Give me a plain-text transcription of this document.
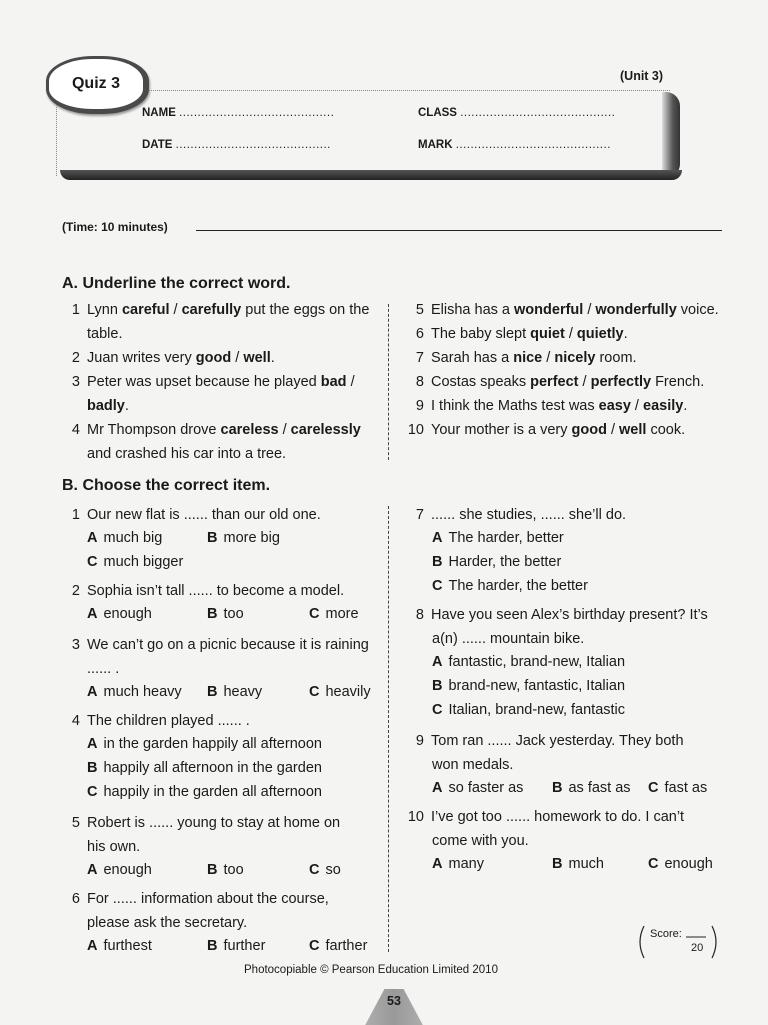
Quiz 3	(Unit 3)
NAME ..........................................	CLASS ..........................................
DATE ..........................................	MARK ..........................................
(Time: 10 minutes)
A. Underline the correct word.
B. Choose the correct item.
Score:
20
Photocopiable © Pearson Education Limited 2010
53
1 Lynn careful / carefully put the eggs on the
table.
2 Juan writes very good / well.
3 Peter was upset because he played bad /
badly.
4 Mr Thompson drove careless / carelessly
and crashed his car into a tree.
5 Elisha has a wonderful / wonderfully voice.
6 The baby slept quiet / quietly.
7 Sarah has a nice / nicely room.
8 Costas speaks perfect / perfectly French.
9 I think the Maths test was easy / easily.
10 Your mother is a very good / well cook.
1 Our new flat is ...... than our old one.
A much big	B more big
C much bigger
2 Sophia isn’t tall ...... to become a model.
A enough	B too	C more
3 We can’t go on a picnic because it is raining
...... .
A much heavy B heavy	C heavily
4 The children played ...... .
A in the garden happily all afternoon
B happily all afternoon in the garden
C happily in the garden all afternoon
5 Robert is ...... young to stay at home on
his own.
A enough	B too	C so
6 For ...... information about the course,
please ask the secretary.
A furthest	B further	C farther
7 ...... she studies, ...... she’ll do.
A The harder, better
B Harder, the better
C The harder, the better
8 Have you seen Alex’s birthday present? It’s
a(n) ...... mountain bike.
A fantastic, brand-new, Italian
B brand-new, fantastic, Italian
C Italian, brand-new, fantastic
9 Tom ran ...... Jack yesterday. They both
won medals.
A so faster as B as fast as C fast as
10 I’ve got too ...... homework to do. I can’t
come with you.
A many	B much	C enough
